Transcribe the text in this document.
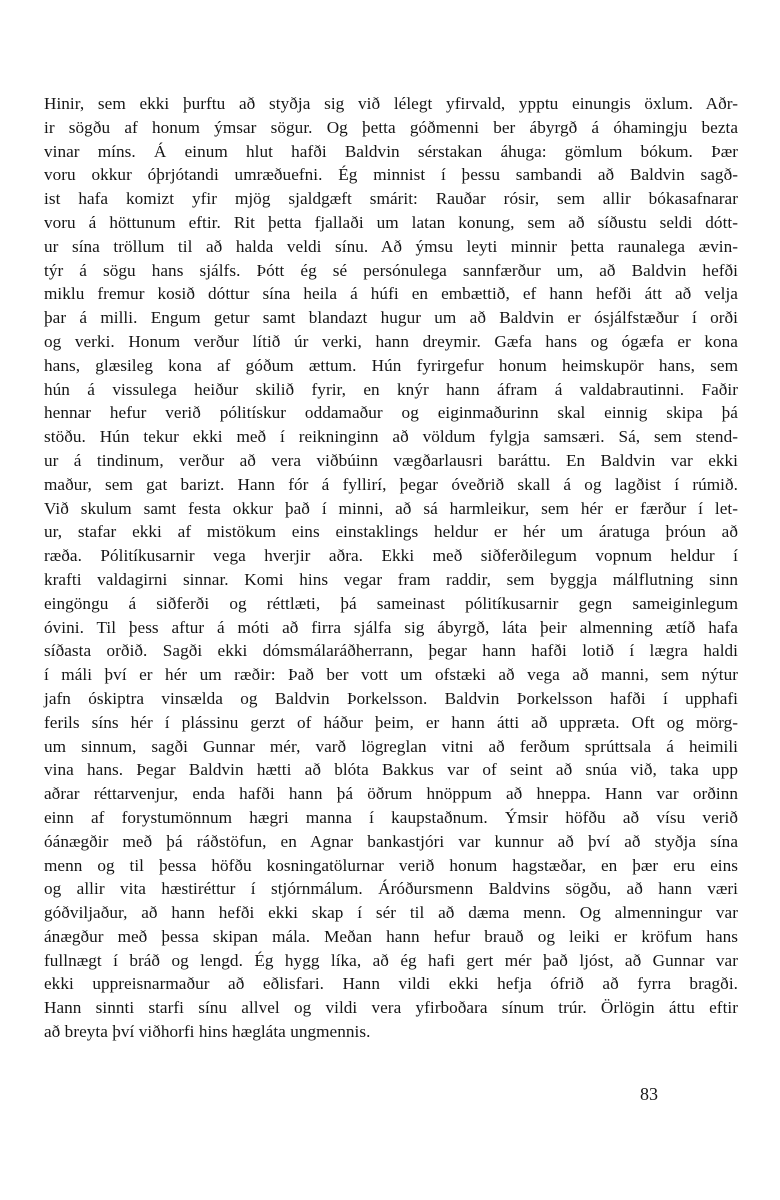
Hinir, sem ekki þurftu að styðja sig við lélegt yfirvald, ypptu einungis öxlum. Aðr-
ir sögðu af honum ýmsar sögur. Og þetta góðmenni ber ábyrgð á óhamingju bezta
vinar míns. Á einum hlut hafði Baldvin sérstakan áhuga: gömlum bókum. Þær
voru okkur óþrjótandi umræðuefni. Ég minnist í þessu sambandi að Baldvin sagð-
ist hafa komizt yfir mjög sjaldgæft smárit: Rauðar rósir, sem allir bókasafnarar
voru á höttunum eftir. Rit þetta fjallaði um latan konung, sem að síðustu seldi dótt-
ur sína tröllum til að halda veldi sínu. Að ýmsu leyti minnir þetta raunalega ævin-
týr á sögu hans sjálfs. Þótt ég sé persónulega sannfærður um, að Baldvin hefði
miklu fremur kosið dóttur sína heila á húfi en embættið, ef hann hefði átt að velja
þar á milli. Engum getur samt blandazt hugur um að Baldvin er ósjálfstæður í orði
og verki. Honum verður lítið úr verki, hann dreymir. Gæfa hans og ógæfa er kona
hans, glæsileg kona af góðum ættum. Hún fyrirgefur honum heimskupör hans, sem
hún á vissulega heiður skilið fyrir, en knýr hann áfram á valdabrautinni. Faðir
hennar hefur verið pólitískur oddamaður og eiginmaðurinn skal einnig skipa þá
stöðu. Hún tekur ekki með í reikninginn að völdum fylgja samsæri. Sá, sem stend-
ur á tindinum, verður að vera viðbúinn vægðarlausri baráttu. En Baldvin var ekki
maður, sem gat barizt. Hann fór á fyllirí, þegar óveðrið skall á og lagðist í rúmið.
Við skulum samt festa okkur það í minni, að sá harmleikur, sem hér er færður í let-
ur, stafar ekki af mistökum eins einstaklings heldur er hér um áratuga þróun að
ræða. Pólitíkusarnir vega hverjir aðra. Ekki með siðferðilegum vopnum heldur í
krafti valdagirni sinnar. Komi hins vegar fram raddir, sem byggja málflutning sinn
eingöngu á siðferði og réttlæti, þá sameinast pólitíkusarnir gegn sameiginlegum
óvini. Til þess aftur á móti að firra sjálfa sig ábyrgð, láta þeir almenning ætíð hafa
síðasta orðið. Sagði ekki dómsmálaráðherrann, þegar hann hafði lotið í lægra haldi
í máli því er hér um ræðir: Það ber vott um ofstæki að vega að manni, sem nýtur
jafn óskiptra vinsælda og Baldvin Þorkelsson. Baldvin Þorkelsson hafði í upphafi
ferils síns hér í plássinu gerzt of háður þeim, er hann átti að uppræta. Oft og mörg-
um sinnum, sagði Gunnar mér, varð lögreglan vitni að ferðum sprúttsala á heimili
vina hans. Þegar Baldvin hætti að blóta Bakkus var of seint að snúa við, taka upp
aðrar réttarvenjur, enda hafði hann þá öðrum hnöppum að hneppa. Hann var orðinn
einn af forystumönnum hægri manna í kaupstaðnum. Ýmsir höfðu að vísu verið
óánægðir með þá ráðstöfun, en Agnar bankastjóri var kunnur að því að styðja sína
menn og til þessa höfðu kosningatölurnar verið honum hagstæðar, en þær eru eins
og allir vita hæstiréttur í stjórnmálum. Áróðursmenn Baldvins sögðu, að hann væri
góðviljaður, að hann hefði ekki skap í sér til að dæma menn. Og almenningur var
ánægður með þessa skipan mála. Meðan hann hefur brauð og leiki er kröfum hans
fullnægt í bráð og lengd. Ég hygg líka, að ég hafi gert mér það ljóst, að Gunnar var
ekki uppreisnarmaður að eðlisfari. Hann vildi ekki hefja ófrið að fyrra bragði.
Hann sinnti starfi sínu allvel og vildi vera yfirboðara sínum trúr. Örlögin áttu eftir
að breyta því viðhorfi hins hægláta ungmennis.
83
